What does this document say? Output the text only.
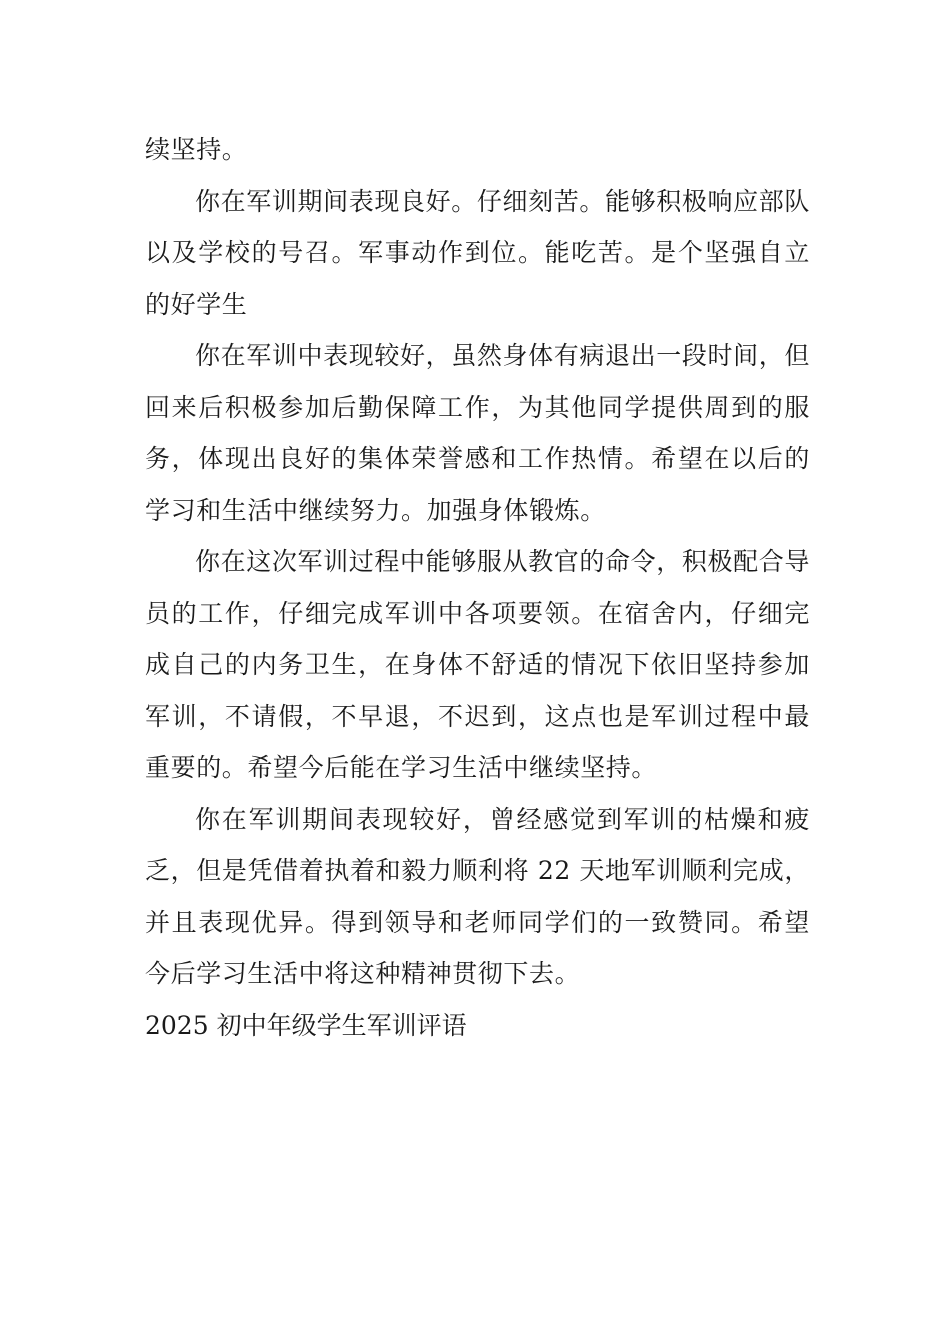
续坚持。

你在军训期间表现良好。仔细刻苦。能够积极响应部队以及学校的号召。军事动作到位。能吃苦。是个坚强自立的好学生

你在军训中表现较好，虽然身体有病退出一段时间，但回来后积极参加后勤保障工作，为其他同学提供周到的服务，体现出良好的集体荣誉感和工作热情。希望在以后的学习和生活中继续努力。加强身体锻炼。

你在这次军训过程中能够服从教官的命令，积极配合导员的工作，仔细完成军训中各项要领。在宿舍内，仔细完成自己的内务卫生，在身体不舒适的情况下依旧坚持参加军训，不请假，不早退，不迟到，这点也是军训过程中最重要的。希望今后能在学习生活中继续坚持。

你在军训期间表现较好，曾经感觉到军训的枯燥和疲乏，但是凭借着执着和毅力顺利将 22 天地军训顺利完成，并且表现优异。得到领导和老师同学们的一致赞同。希望今后学习生活中将这种精神贯彻下去。

2025 初中年级学生军训评语
